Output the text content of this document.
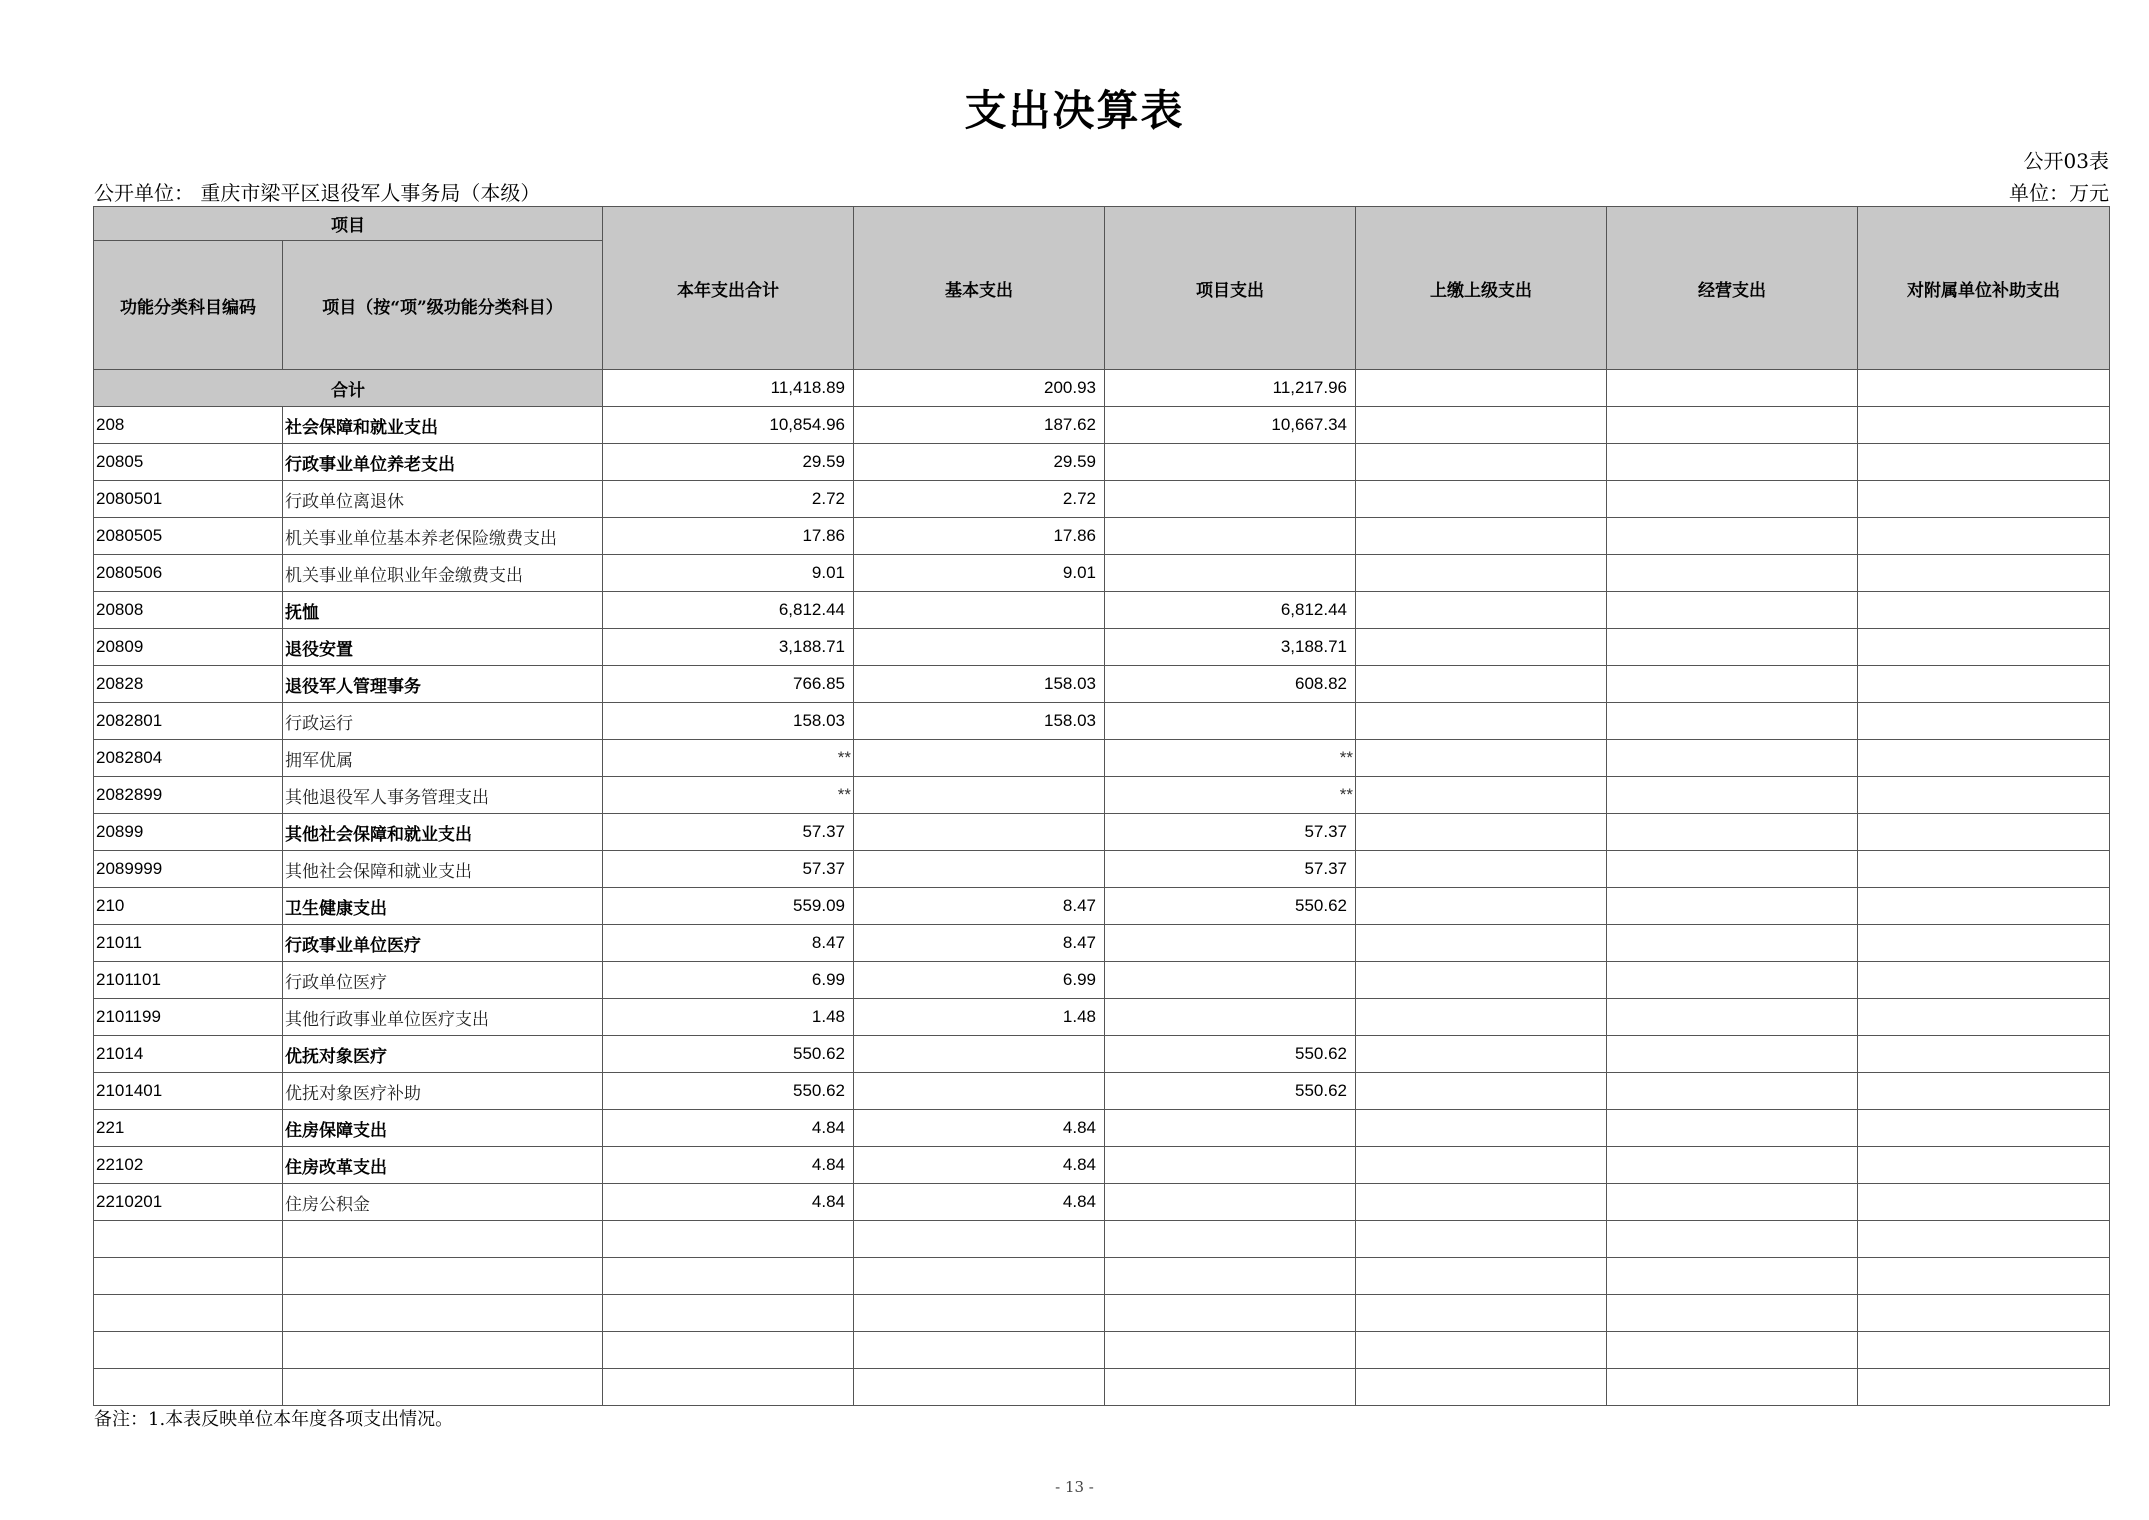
支出决算表
公开03表
公开单位： 重庆市梁平区退役军人事务局（本级）	单位：万元
项目		本年支出合计	基本支出	项目支出	上缴上级支出	经营支出	对附属单位补助支出
功能分类科目编码	项目（按“项”级功能分类科目）						
合计		11,418.89	200.93	11,217.96			
208	社会保障和就业支出	10,854.96	187.62	10,667.34			
20805	行政事业单位养老支出	29.59	29.59				
2080501	行政单位离退休	2.72	2.72				
2080505	机关事业单位基本养老保险缴费支出	17.86	17.86				
2080506	机关事业单位职业年金缴费支出	9.01	9.01				
20808	抚恤	6,812.44		6,812.44			
20809	退役安置	3,188.71		3,188.71			
20828	退役军人管理事务	766.85	158.03	608.82			
2082801	行政运行	158.03	158.03				
2082804	拥军优属	**		**			
2082899	其他退役军人事务管理支出	**		**			
20899	其他社会保障和就业支出	57.37		57.37			
2089999	其他社会保障和就业支出	57.37		57.37			
210	卫生健康支出	559.09	8.47	550.62			
21011	行政事业单位医疗	8.47	8.47				
2101101	行政单位医疗	6.99	6.99				
2101199	其他行政事业单位医疗支出	1.48	1.48				
21014	优抚对象医疗	550.62		550.62			
2101401	优抚对象医疗补助	550.62		550.62			
221	住房保障支出	4.84	4.84				
22102	住房改革支出	4.84	4.84				
2210201	住房公积金	4.84	4.84				

备注：1.本表反映单位本年度各项支出情况。
- 13 -
